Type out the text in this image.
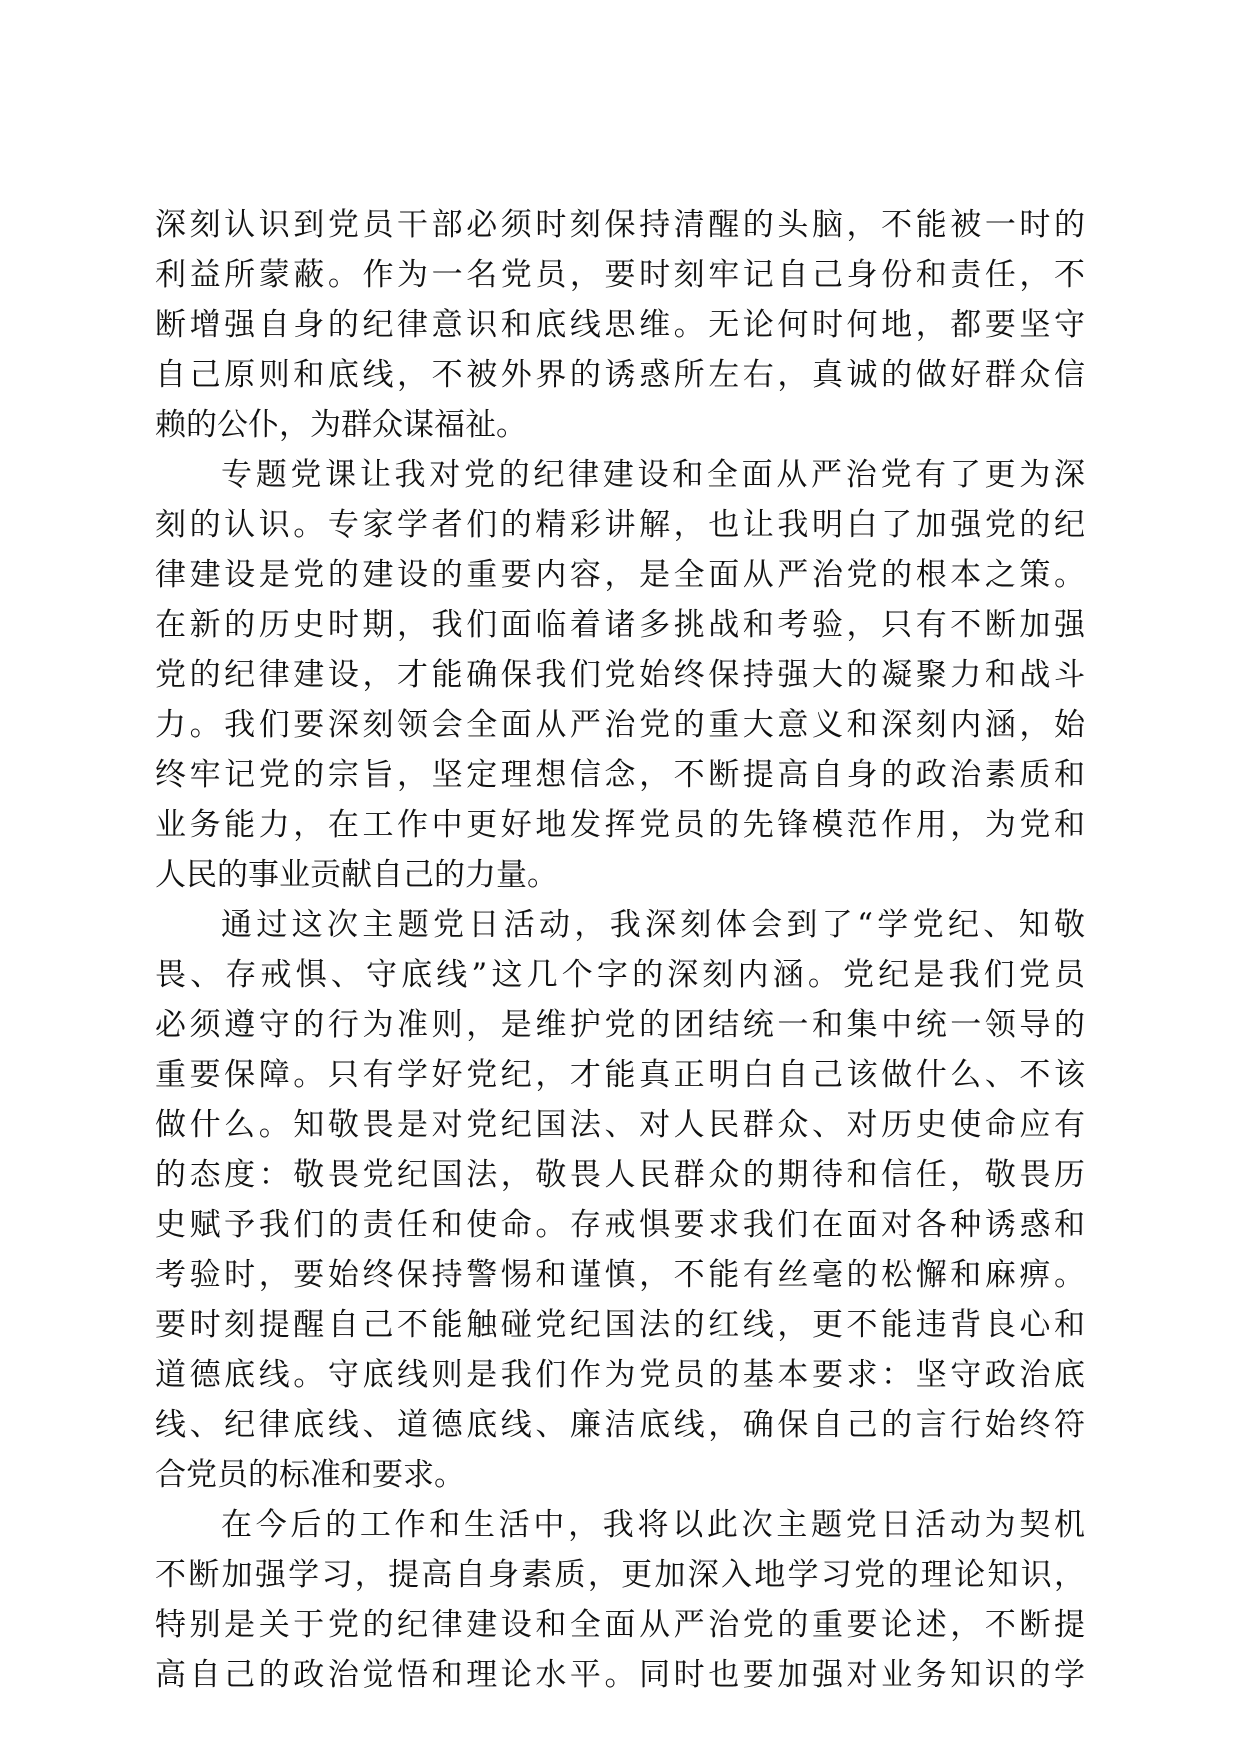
深刻认识到党员干部必须时刻保持清醒的头脑，不能被一时的
利益所蒙蔽。作为一名党员，要时刻牢记自己身份和责任，不
断增强自身的纪律意识和底线思维。无论何时何地，都要坚守
自己原则和底线，不被外界的诱惑所左右，真诚的做好群众信
赖的公仆，为群众谋福祉。
专题党课让我对党的纪律建设和全面从严治党有了更为深
刻的认识。专家学者们的精彩讲解，也让我明白了加强党的纪
律建设是党的建设的重要内容，是全面从严治党的根本之策。
在新的历史时期，我们面临着诸多挑战和考验，只有不断加强
党的纪律建设，才能确保我们党始终保持强大的凝聚力和战斗
力。我们要深刻领会全面从严治党的重大意义和深刻内涵，始
终牢记党的宗旨，坚定理想信念，不断提高自身的政治素质和
业务能力，在工作中更好地发挥党员的先锋模范作用，为党和
人民的事业贡献自己的力量。
通过这次主题党日活动，我深刻体会到了“学党纪、知敬
畏、存戒惧、守底线”这几个字的深刻内涵。党纪是我们党员
必须遵守的行为准则，是维护党的团结统一和集中统一领导的
重要保障。只有学好党纪，才能真正明白自己该做什么、不该
做什么。知敬畏是对党纪国法、对人民群众、对历史使命应有
的态度：敬畏党纪国法，敬畏人民群众的期待和信任，敬畏历
史赋予我们的责任和使命。存戒惧要求我们在面对各种诱惑和
考验时，要始终保持警惕和谨慎，不能有丝毫的松懈和麻痹。
要时刻提醒自己不能触碰党纪国法的红线，更不能违背良心和
道德底线。守底线则是我们作为党员的基本要求：坚守政治底
线、纪律底线、道德底线、廉洁底线，确保自己的言行始终符
合党员的标准和要求。
在今后的工作和生活中，我将以此次主题党日活动为契机
不断加强学习，提高自身素质，更加深入地学习党的理论知识，
特别是关于党的纪律建设和全面从严治党的重要论述，不断提
高自己的政治觉悟和理论水平。同时也要加强对业务知识的学
